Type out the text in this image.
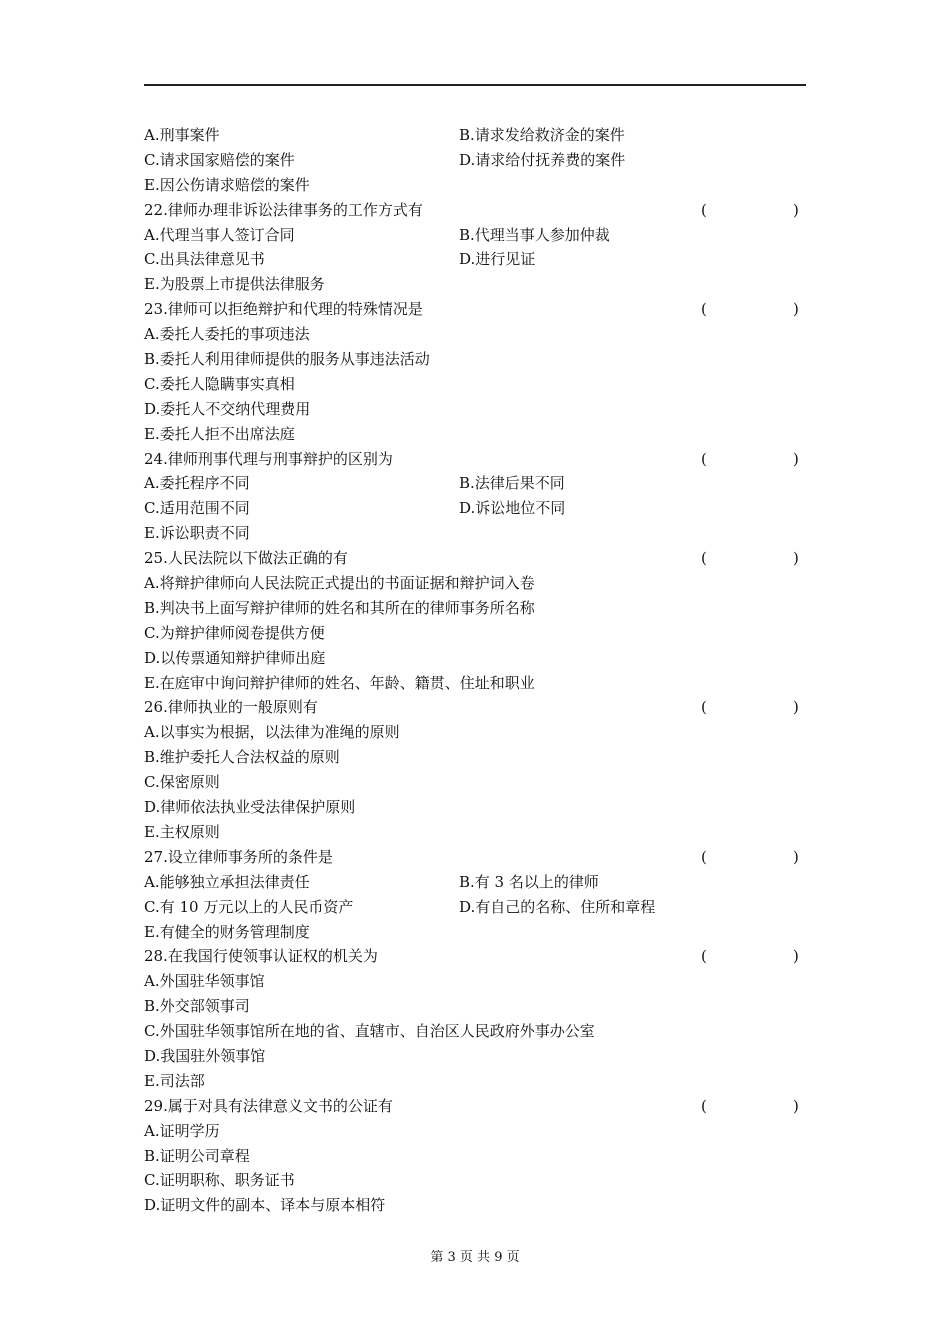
A.刑事案件	B.请求发给救济金的案件
C.请求国家赔偿的案件	D.请求给付抚养费的案件
E.因公伤请求赔偿的案件
22.律师办理非诉讼法律事务的工作方式有	(	)
A.代理当事人签订合同	B.代理当事人参加仲裁
C.出具法律意见书	D.进行见证
E.为股票上市提供法律服务
23.律师可以拒绝辩护和代理的特殊情况是	(	)
A.委托人委托的事项违法
B.委托人利用律师提供的服务从事违法活动
C.委托人隐瞒事实真相
D.委托人不交纳代理费用
E.委托人拒不出席法庭
24.律师刑事代理与刑事辩护的区别为	(	)
A.委托程序不同	B.法律后果不同
C.适用范围不同	D.诉讼地位不同
E.诉讼职责不同
25.人民法院以下做法正确的有	(	)
A.将辩护律师向人民法院正式提出的书面证据和辩护词入卷
B.判决书上面写辩护律师的姓名和其所在的律师事务所名称
C.为辩护律师阅卷提供方便
D.以传票通知辩护律师出庭
E.在庭审中询问辩护律师的姓名、年龄、籍贯、住址和职业
26.律师执业的一般原则有	(	)
A.以事实为根据，以法律为准绳的原则
B.维护委托人合法权益的原则
C.保密原则
D.律师依法执业受法律保护原则
E.主权原则
27.设立律师事务所的条件是	(	)
A.能够独立承担法律责任	B.有 3 名以上的律师
C.有 10 万元以上的人民币资产	D.有自己的名称、住所和章程
E.有健全的财务管理制度
28.在我国行使领事认证权的机关为	(	)
A.外国驻华领事馆
B.外交部领事司
C.外国驻华领事馆所在地的省、直辖市、自治区人民政府外事办公室
D.我国驻外领事馆
E.司法部
29.属于对具有法律意义文书的公证有	(	)
A.证明学历
B.证明公司章程
C.证明职称、职务证书
D.证明文件的副本、译本与原本相符
第 3 页 共 9 页
